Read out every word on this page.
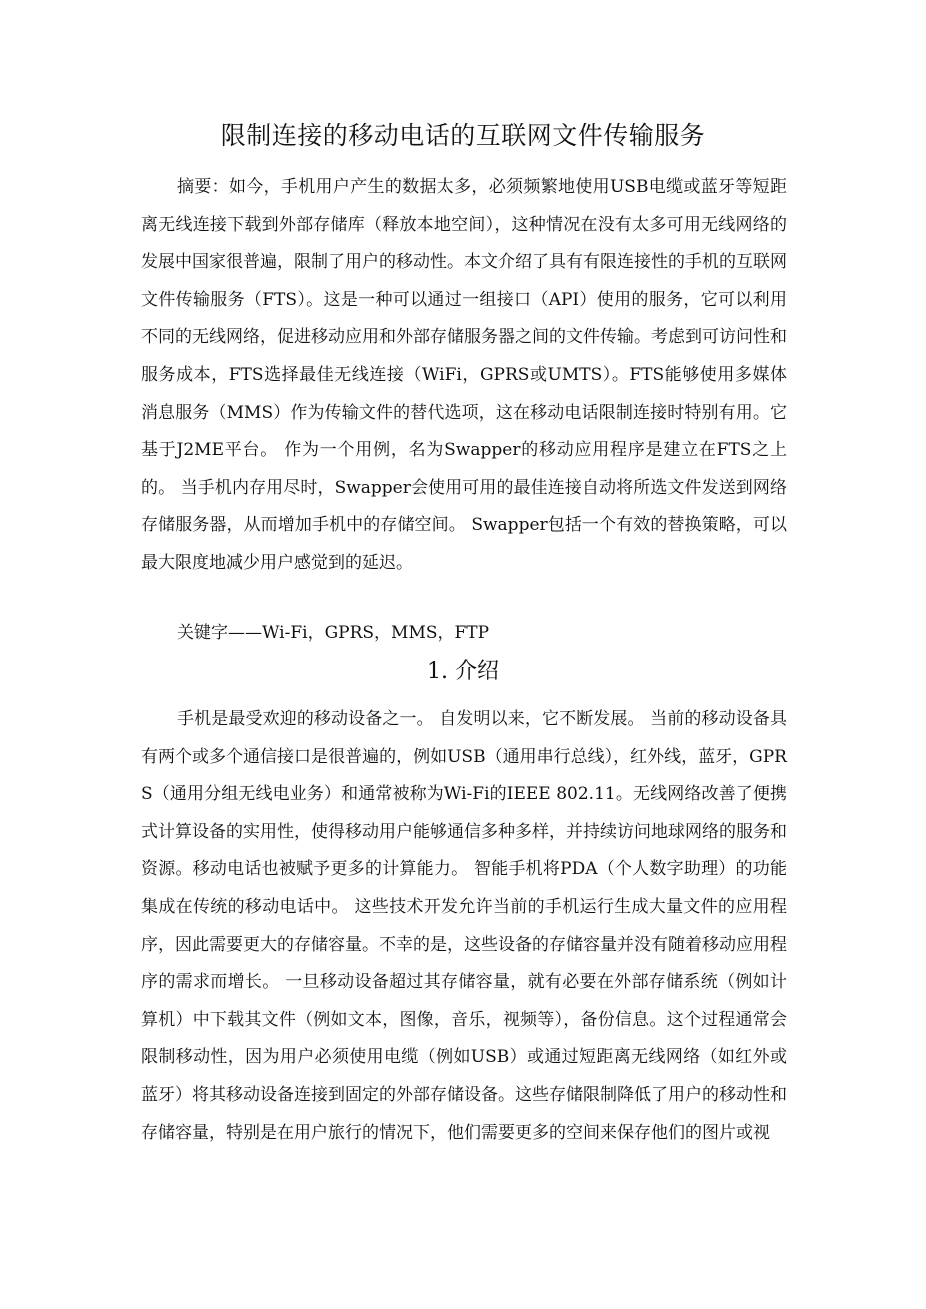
限制连接的移动电话的互联网文件传输服务

摘要：如今，手机用户产生的数据太多，必须频繁地使用USB电缆或蓝牙等短距离无线连接下载到外部存储库（释放本地空间），这种情况在没有太多可用无线网络的发展中国家很普遍，限制了用户的移动性。本文介绍了具有有限连接性的手机的互联网文件传输服务（FTS）。这是一种可以通过一组接口（API）使用的服务，它可以利用不同的无线网络，促进移动应用和外部存储服务器之间的文件传输。考虑到可访问性和服务成本，FTS选择最佳无线连接（WiFi，GPRS或UMTS）。FTS能够使用多媒体消息服务（MMS）作为传输文件的替代选项，这在移动电话限制连接时特别有用。它基于J2ME平台。 作为一个用例，名为Swapper的移动应用程序是建立在FTS之上的。 当手机内存用尽时，Swapper会使用可用的最佳连接自动将所选文件发送到网络存储服务器，从而增加手机中的存储空间。 Swapper包括一个有效的替换策略，可以最大限度地减少用户感觉到的延迟。

关键字——Wi-Fi，GPRS，MMS，FTP

1. 介绍

手机是最受欢迎的移动设备之一。 自发明以来，它不断发展。 当前的移动设备具有两个或多个通信接口是很普遍的，例如USB（通用串行总线），红外线，蓝牙，GPRS（通用分组无线电业务）和通常被称为Wi-Fi的IEEE 802.11。无线网络改善了便携式计算设备的实用性，使得移动用户能够通信多种多样，并持续访问地球网络的服务和资源。移动电话也被赋予更多的计算能力。 智能手机将PDA（个人数字助理）的功能集成在传统的移动电话中。 这些技术开发允许当前的手机运行生成大量文件的应用程序，因此需要更大的存储容量。不幸的是，这些设备的存储容量并没有随着移动应用程序的需求而增长。 一旦移动设备超过其存储容量，就有必要在外部存储系统（例如计算机）中下载其文件（例如文本，图像，音乐，视频等），备份信息。这个过程通常会限制移动性，因为用户必须使用电缆（例如USB）或通过短距离无线网络（如红外或蓝牙）将其移动设备连接到固定的外部存储设备。这些存储限制降低了用户的移动性和存储容量，特别是在用户旅行的情况下，他们需要更多的空间来保存他们的图片或视
